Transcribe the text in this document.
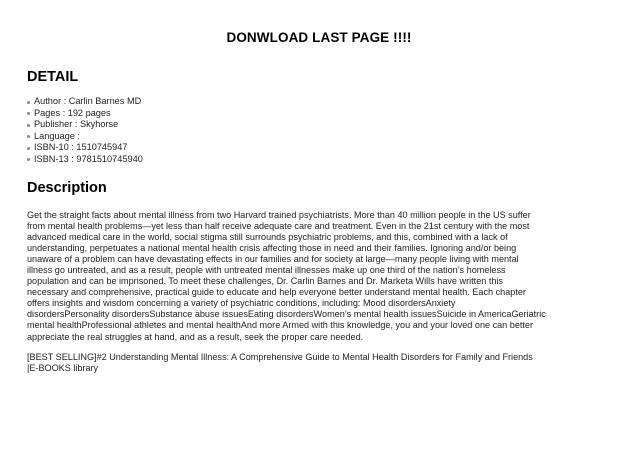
DONWLOAD LAST PAGE !!!!
DETAIL
Author : Carlin Barnes MD
Pages : 192 pages
Publisher : Skyhorse
Language :
ISBN-10 : 1510745947
ISBN-13 : 9781510745940
Description

Get the straight facts about mental illness from two Harvard trained psychiatrists. More than 40 million people in the US suffer
from mental health problems—yet less than half receive adequate care and treatment. Even in the 21st century with the most
advanced medical care in the world, social stigma still surrounds psychiatric problems, and this, combined with a lack of
understanding, perpetuates a national mental health crisis affecting those in need and their families. Ignoring and/or being
unaware of a problem can have devastating effects in our families and for society at large—many people living with mental
illness go untreated, and as a result, people with untreated mental illnesses make up one third of the nation’s homeless
population and can be imprisoned. To meet these challenges, Dr. Carlin Barnes and Dr. Marketa Wills have written this
necessary and comprehensive, practical guide to educate and help everyone better understand mental health. Each chapter
offers insights and wisdom concerning a variety of psychiatric conditions, including: Mood disordersAnxiety
disordersPersonality disordersSubstance abuse issuesEating disordersWomen’s mental health issuesSuicide in AmericaGeriatric
mental healthProfessional athletes and mental healthAnd more Armed with this knowledge, you and your loved one can better
appreciate the real struggles at hand, and as a result, seek the proper care needed.

[BEST SELLING]#2 Understanding Mental Illness: A Comprehensive Guide to Mental Health Disorders for Family and Friends
|E-BOOKS library
